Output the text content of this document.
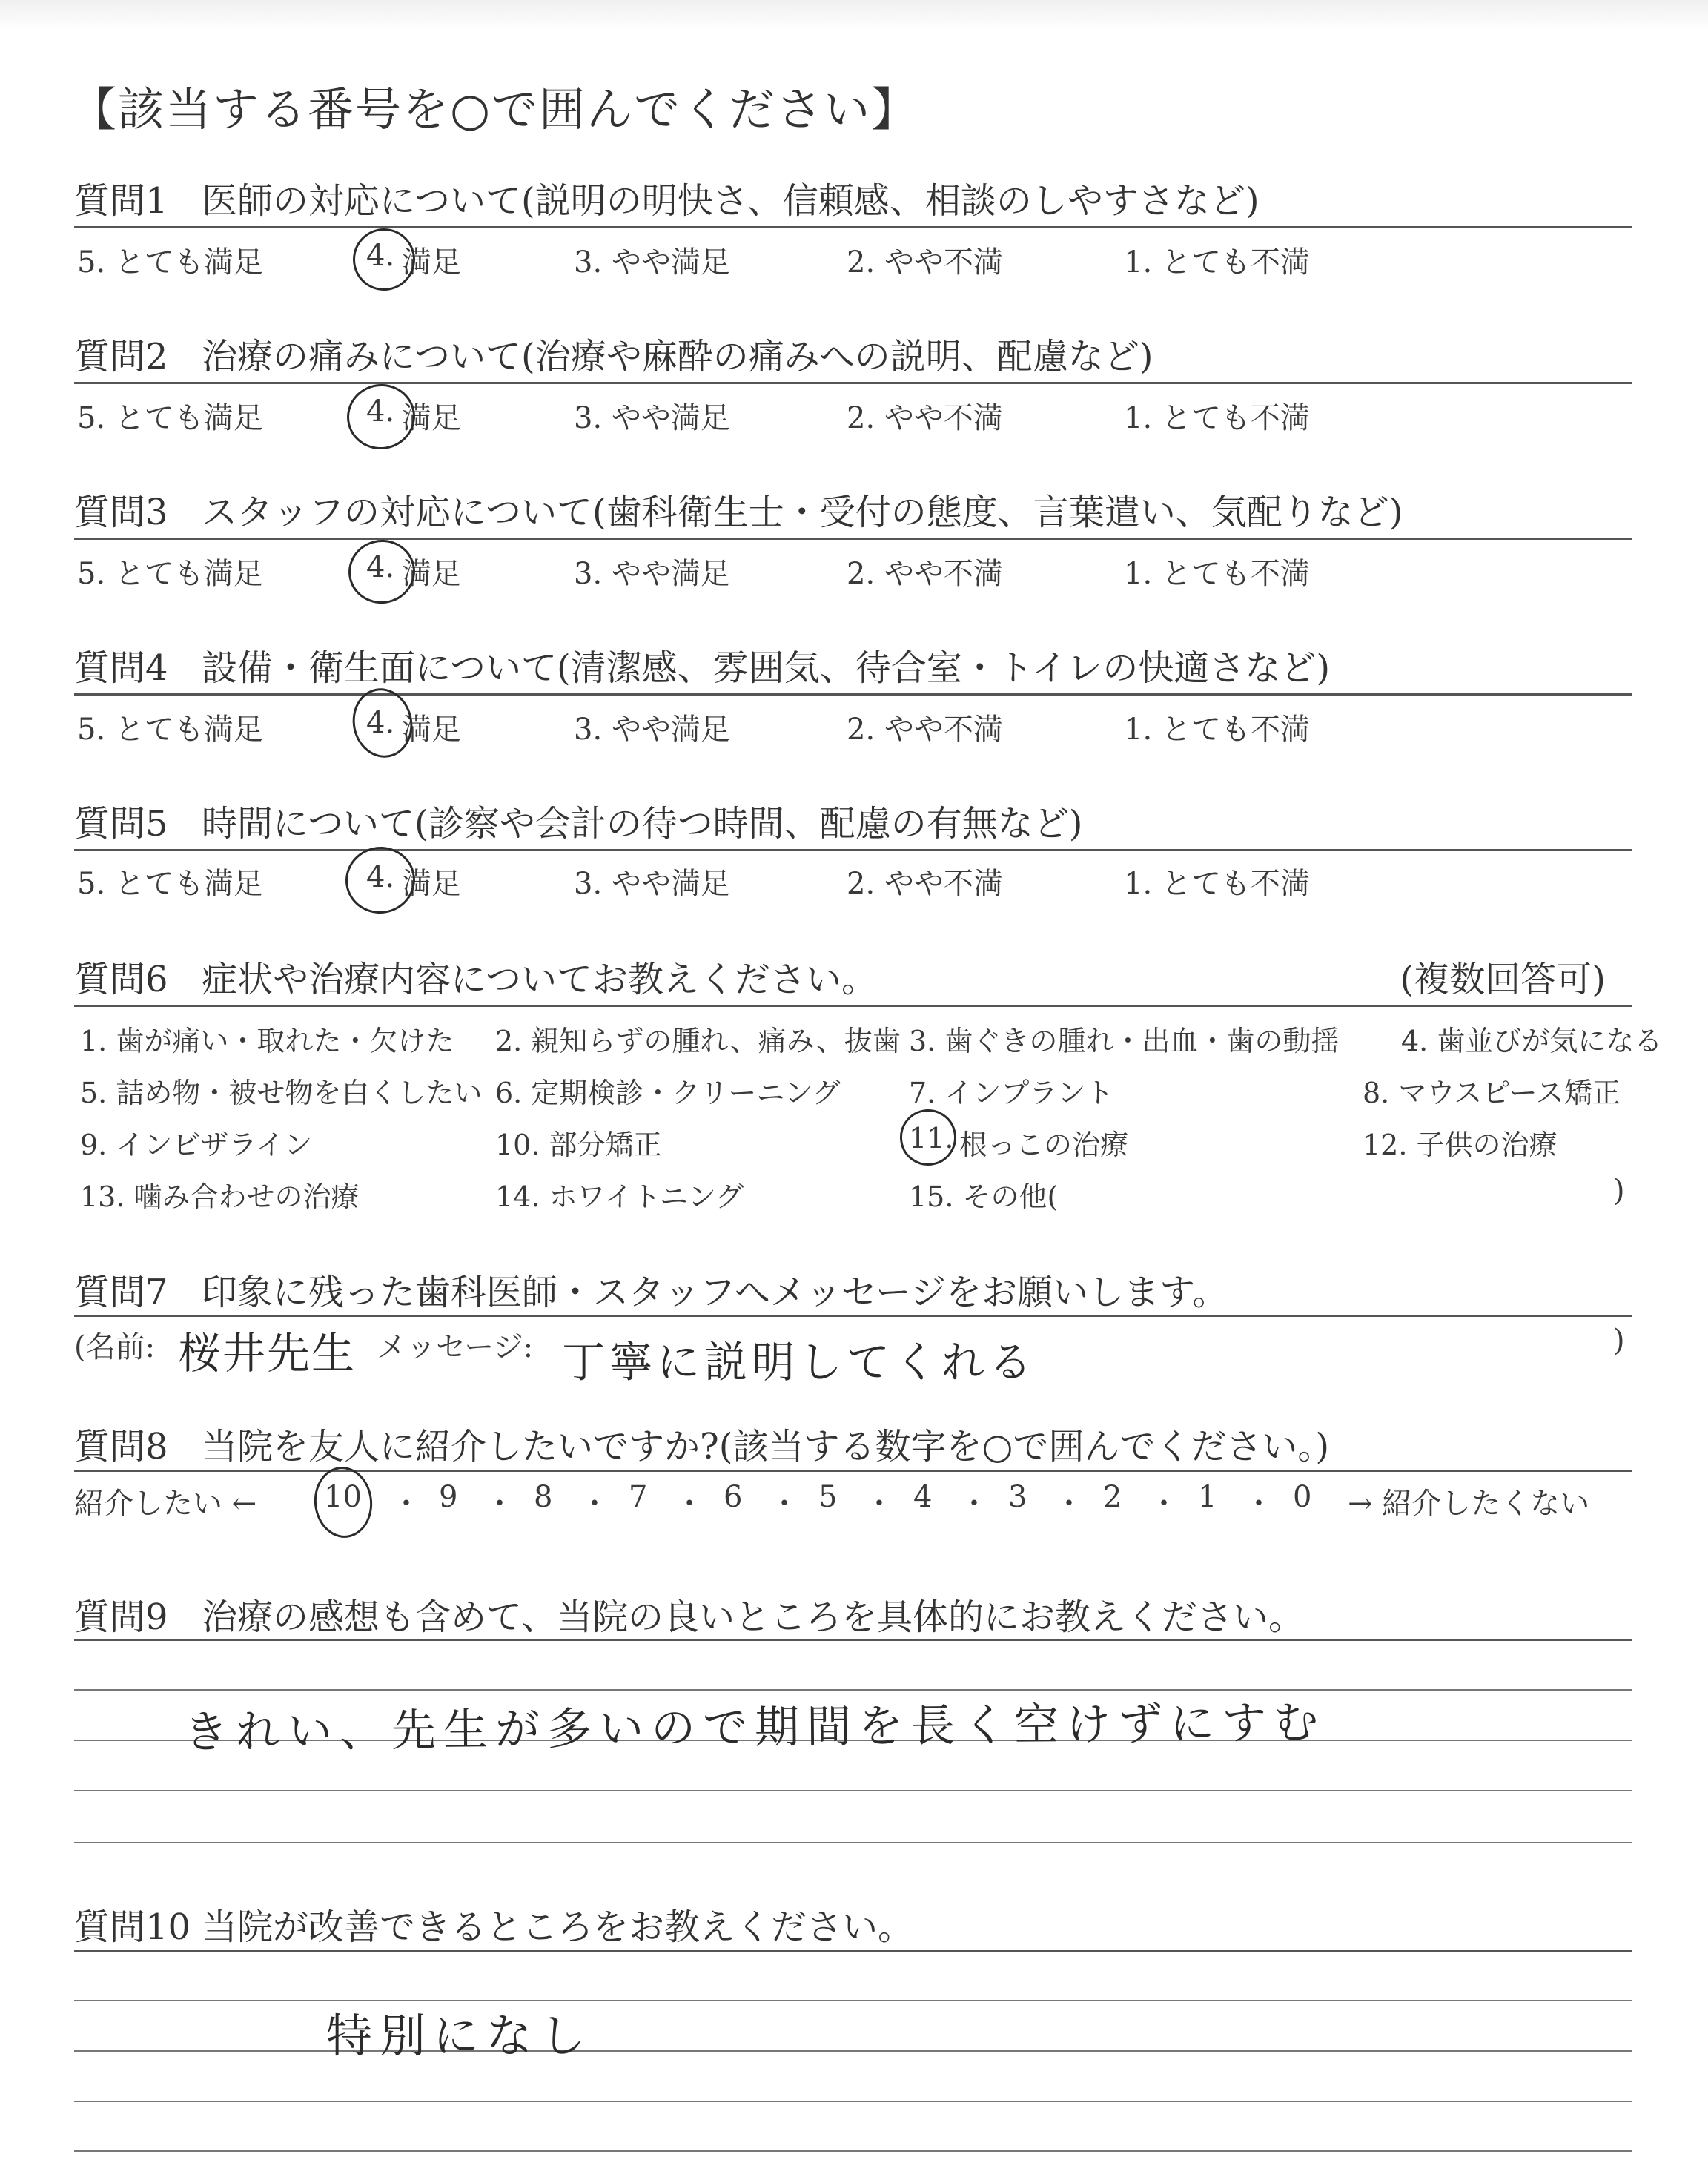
【該当する番号を○で囲んでください】
質問1 医師の対応について(説明の明快さ、信頼感、相談のしやすさなど)
5. とても満足	4. 満足	3. やや満足	2. やや不満	1. とても不満
質問2 治療の痛みについて(治療や麻酔の痛みへの説明、配慮など)
5. とても満足	4. 満足	3. やや満足	2. やや不満	1. とても不満
質問3 スタッフの対応について(歯科衛生士・受付の態度、言葉遣い、気配りなど)
5. とても満足	4. 満足	3. やや満足	2. やや不満	1. とても不満
質問4 設備・衛生面について(清潔感、雰囲気、待合室・トイレの快適さなど)
5. とても満足	4. 満足	3. やや満足	2. やや不満	1. とても不満
質問5 時間について(診察や会計の待つ時間、配慮の有無など)
5. とても満足	4. 満足	3. やや満足	2. やや不満	1. とても不満
質問6 症状や治療内容についてお教えください。	(複数回答可)
1. 歯が痛い・取れた・欠けた 2. 親知らずの腫れ、痛み、抜歯 3. 歯ぐきの腫れ・出血・歯の動揺 4. 歯並びが気になる
5. 詰め物・被せ物を白くしたい 6. 定期検診・クリーニング 7. インプラント	8. マウスピース矯正
9. インビザライン	10. 部分矯正	11. 根っこの治療	12. 子供の治療
13. 噛み合わせの治療	14. ホワイトニング	15. その他(	)
質問7 印象に残った歯科医師・スタッフへメッセージをお願いします。
(名前: 桜井先生 メッセージ: 丁寧に説明してくれる	)
質問8 当院を友人に紹介したいですか?(該当する数字を○で囲んでください。)
紹介したい ← 10 ・ 9 ・ 8 ・ 7 ・ 6 ・ 5 ・ 4 ・ 3 ・ 2 ・ 1 ・ 0 → 紹介したくない
質問9 治療の感想も含めて、当院の良いところを具体的にお教えください。
きれい、先生が多いので期間を長く空けずにすむ
質問10 当院が改善できるところをお教えください。
特別になし
